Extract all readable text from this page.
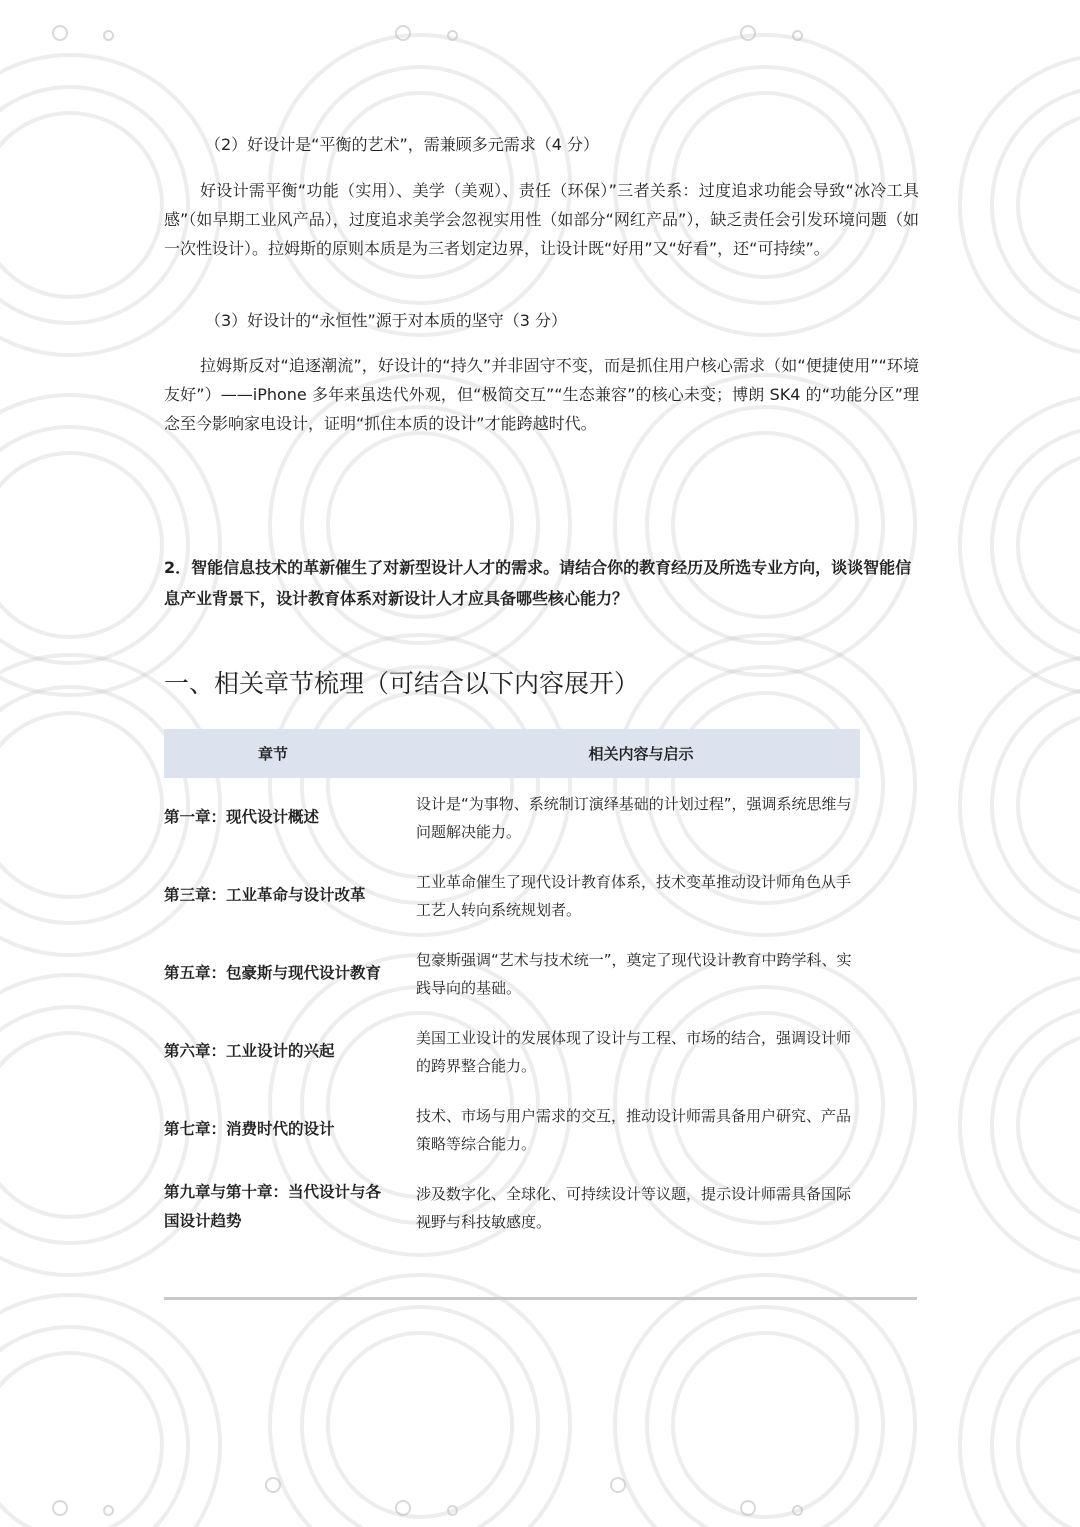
（2）好设计是“平衡的艺术”，需兼顾多元需求（4 分）

好设计需平衡“功能（实用）、美学（美观）、责任（环保）”三者关系：过度追求功能会导致“冰冷工具感”（如早期工业风产品），过度追求美学会忽视实用性（如部分“网红产品”），缺乏责任会引发环境问题（如一次性设计）。拉姆斯的原则本质是为三者划定边界，让设计既“好用”又“好看”，还“可持续”。

（3）好设计的“永恒性”源于对本质的坚守（3 分）

拉姆斯反对“追逐潮流”，好设计的“持久”并非固守不变，而是抓住用户核心需求（如“便捷使用”“环境友好”）——iPhone 多年来虽迭代外观，但“极简交互”“生态兼容”的核心未变；博朗 SK4 的“功能分区”理念至今影响家电设计，证明“抓住本质的设计”才能跨越时代。

2．智能信息技术的革新催生了对新型设计人才的需求。请结合你的教育经历及所选专业方向，谈谈智能信息产业背景下，设计教育体系对新设计人才应具备哪些核心能力？

一、相关章节梳理（可结合以下内容展开）
章节	相关内容与启示
第一章：现代设计概述
设计是“为事物、系统制订演绎基础的计划过程”，强调系统思维与问题解决能力。
第三章：工业革命与设计改革
工业革命催生了现代设计教育体系，技术变革推动设计师角色从手工艺人转向系统规划者。
第五章：包豪斯与现代设计教育
包豪斯强调“艺术与技术统一”，奠定了现代设计教育中跨学科、实践导向的基础。
第六章：工业设计的兴起
美国工业设计的发展体现了设计与工程、市场的结合，强调设计师的跨界整合能力。
第七章：消费时代的设计
技术、市场与用户需求的交互，推动设计师需具备用户研究、产品策略等综合能力。
第九章与第十章：当代设计与各国设计趋势
涉及数字化、全球化、可持续设计等议题，提示设计师需具备国际视野与科技敏感度。
